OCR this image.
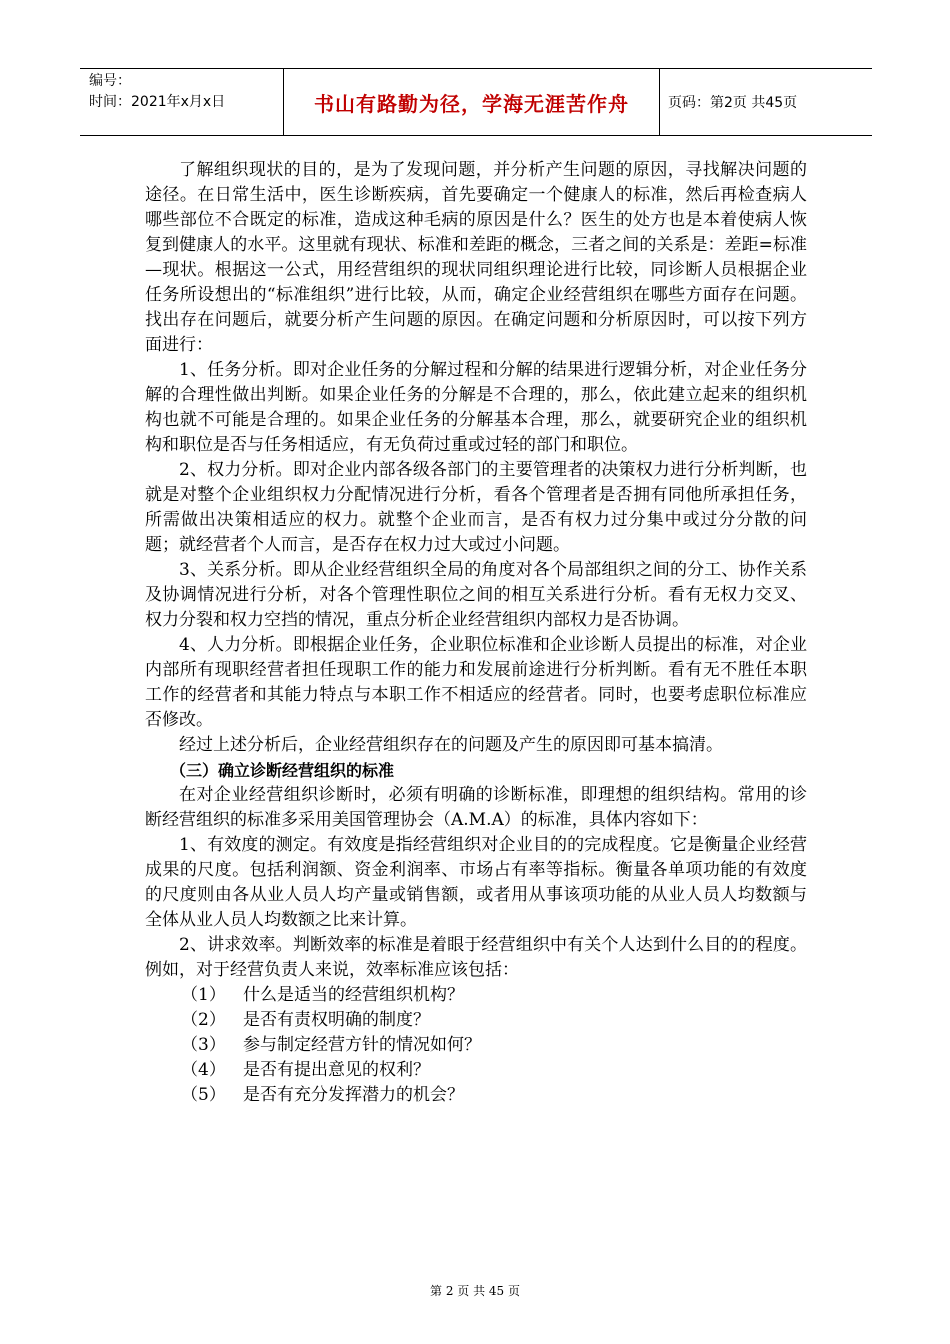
编号：
时间：2021年x月x日	书山有路勤为径，学海无涯苦作舟	页码：第2页 共45页

了解组织现状的目的，是为了发现问题，并分析产生问题的原因，寻找解决问题的途径。在日常生活中，医生诊断疾病，首先要确定一个健康人的标准，然后再检查病人哪些部位不合既定的标准，造成这种毛病的原因是什么？医生的处方也是本着使病人恢复到健康人的水平。这里就有现状、标准和差距的概念，三者之间的关系是：差距=标准—现状。根据这一公式，用经营组织的现状同组织理论进行比较，同诊断人员根据企业任务所设想出的“标准组织”进行比较，从而，确定企业经营组织在哪些方面存在问题。找出存在问题后，就要分析产生问题的原因。在确定问题和分析原因时，可以按下列方面进行：

1、任务分析。即对企业任务的分解过程和分解的结果进行逻辑分析，对企业任务分解的合理性做出判断。如果企业任务的分解是不合理的，那么，依此建立起来的组织机构也就不可能是合理的。如果企业任务的分解基本合理，那么，就要研究企业的组织机构和职位是否与任务相适应，有无负荷过重或过轻的部门和职位。

2、权力分析。即对企业内部各级各部门的主要管理者的决策权力进行分析判断，也就是对整个企业组织权力分配情况进行分析，看各个管理者是否拥有同他所承担任务，所需做出决策相适应的权力。就整个企业而言，是否有权力过分集中或过分分散的问题；就经营者个人而言，是否存在权力过大或过小问题。

3、关系分析。即从企业经营组织全局的角度对各个局部组织之间的分工、协作关系及协调情况进行分析，对各个管理性职位之间的相互关系进行分析。看有无权力交叉、权力分裂和权力空挡的情况，重点分析企业经营组织内部权力是否协调。

4、人力分析。即根据企业任务，企业职位标准和企业诊断人员提出的标准，对企业内部所有现职经营者担任现职工作的能力和发展前途进行分析判断。看有无不胜任本职工作的经营者和其能力特点与本职工作不相适应的经营者。同时，也要考虑职位标准应否修改。

经过上述分析后，企业经营组织存在的问题及产生的原因即可基本搞清。

（三）确立诊断经营组织的标准

在对企业经营组织诊断时，必须有明确的诊断标准，即理想的组织结构。常用的诊断经营组织的标准多采用美国管理协会（A.M.A）的标准，具体内容如下：

1、有效度的测定。有效度是指经营组织对企业目的的完成程度。它是衡量企业经营成果的尺度。包括利润额、资金利润率、市场占有率等指标。衡量各单项功能的有效度的尺度则由各从业人员人均产量或销售额，或者用从事该项功能的从业人员人均数额与全体从业人员人均数额之比来计算。

2、讲求效率。判断效率的标准是着眼于经营组织中有关个人达到什么目的的程度。例如，对于经营负责人来说，效率标准应该包括：

（1）	什么是适当的经营组织机构？
（2）	是否有责权明确的制度？
（3）	参与制定经营方针的情况如何？
（4）	是否有提出意见的权利？
（5）	是否有充分发挥潜力的机会？
第 2 页 共 45 页
